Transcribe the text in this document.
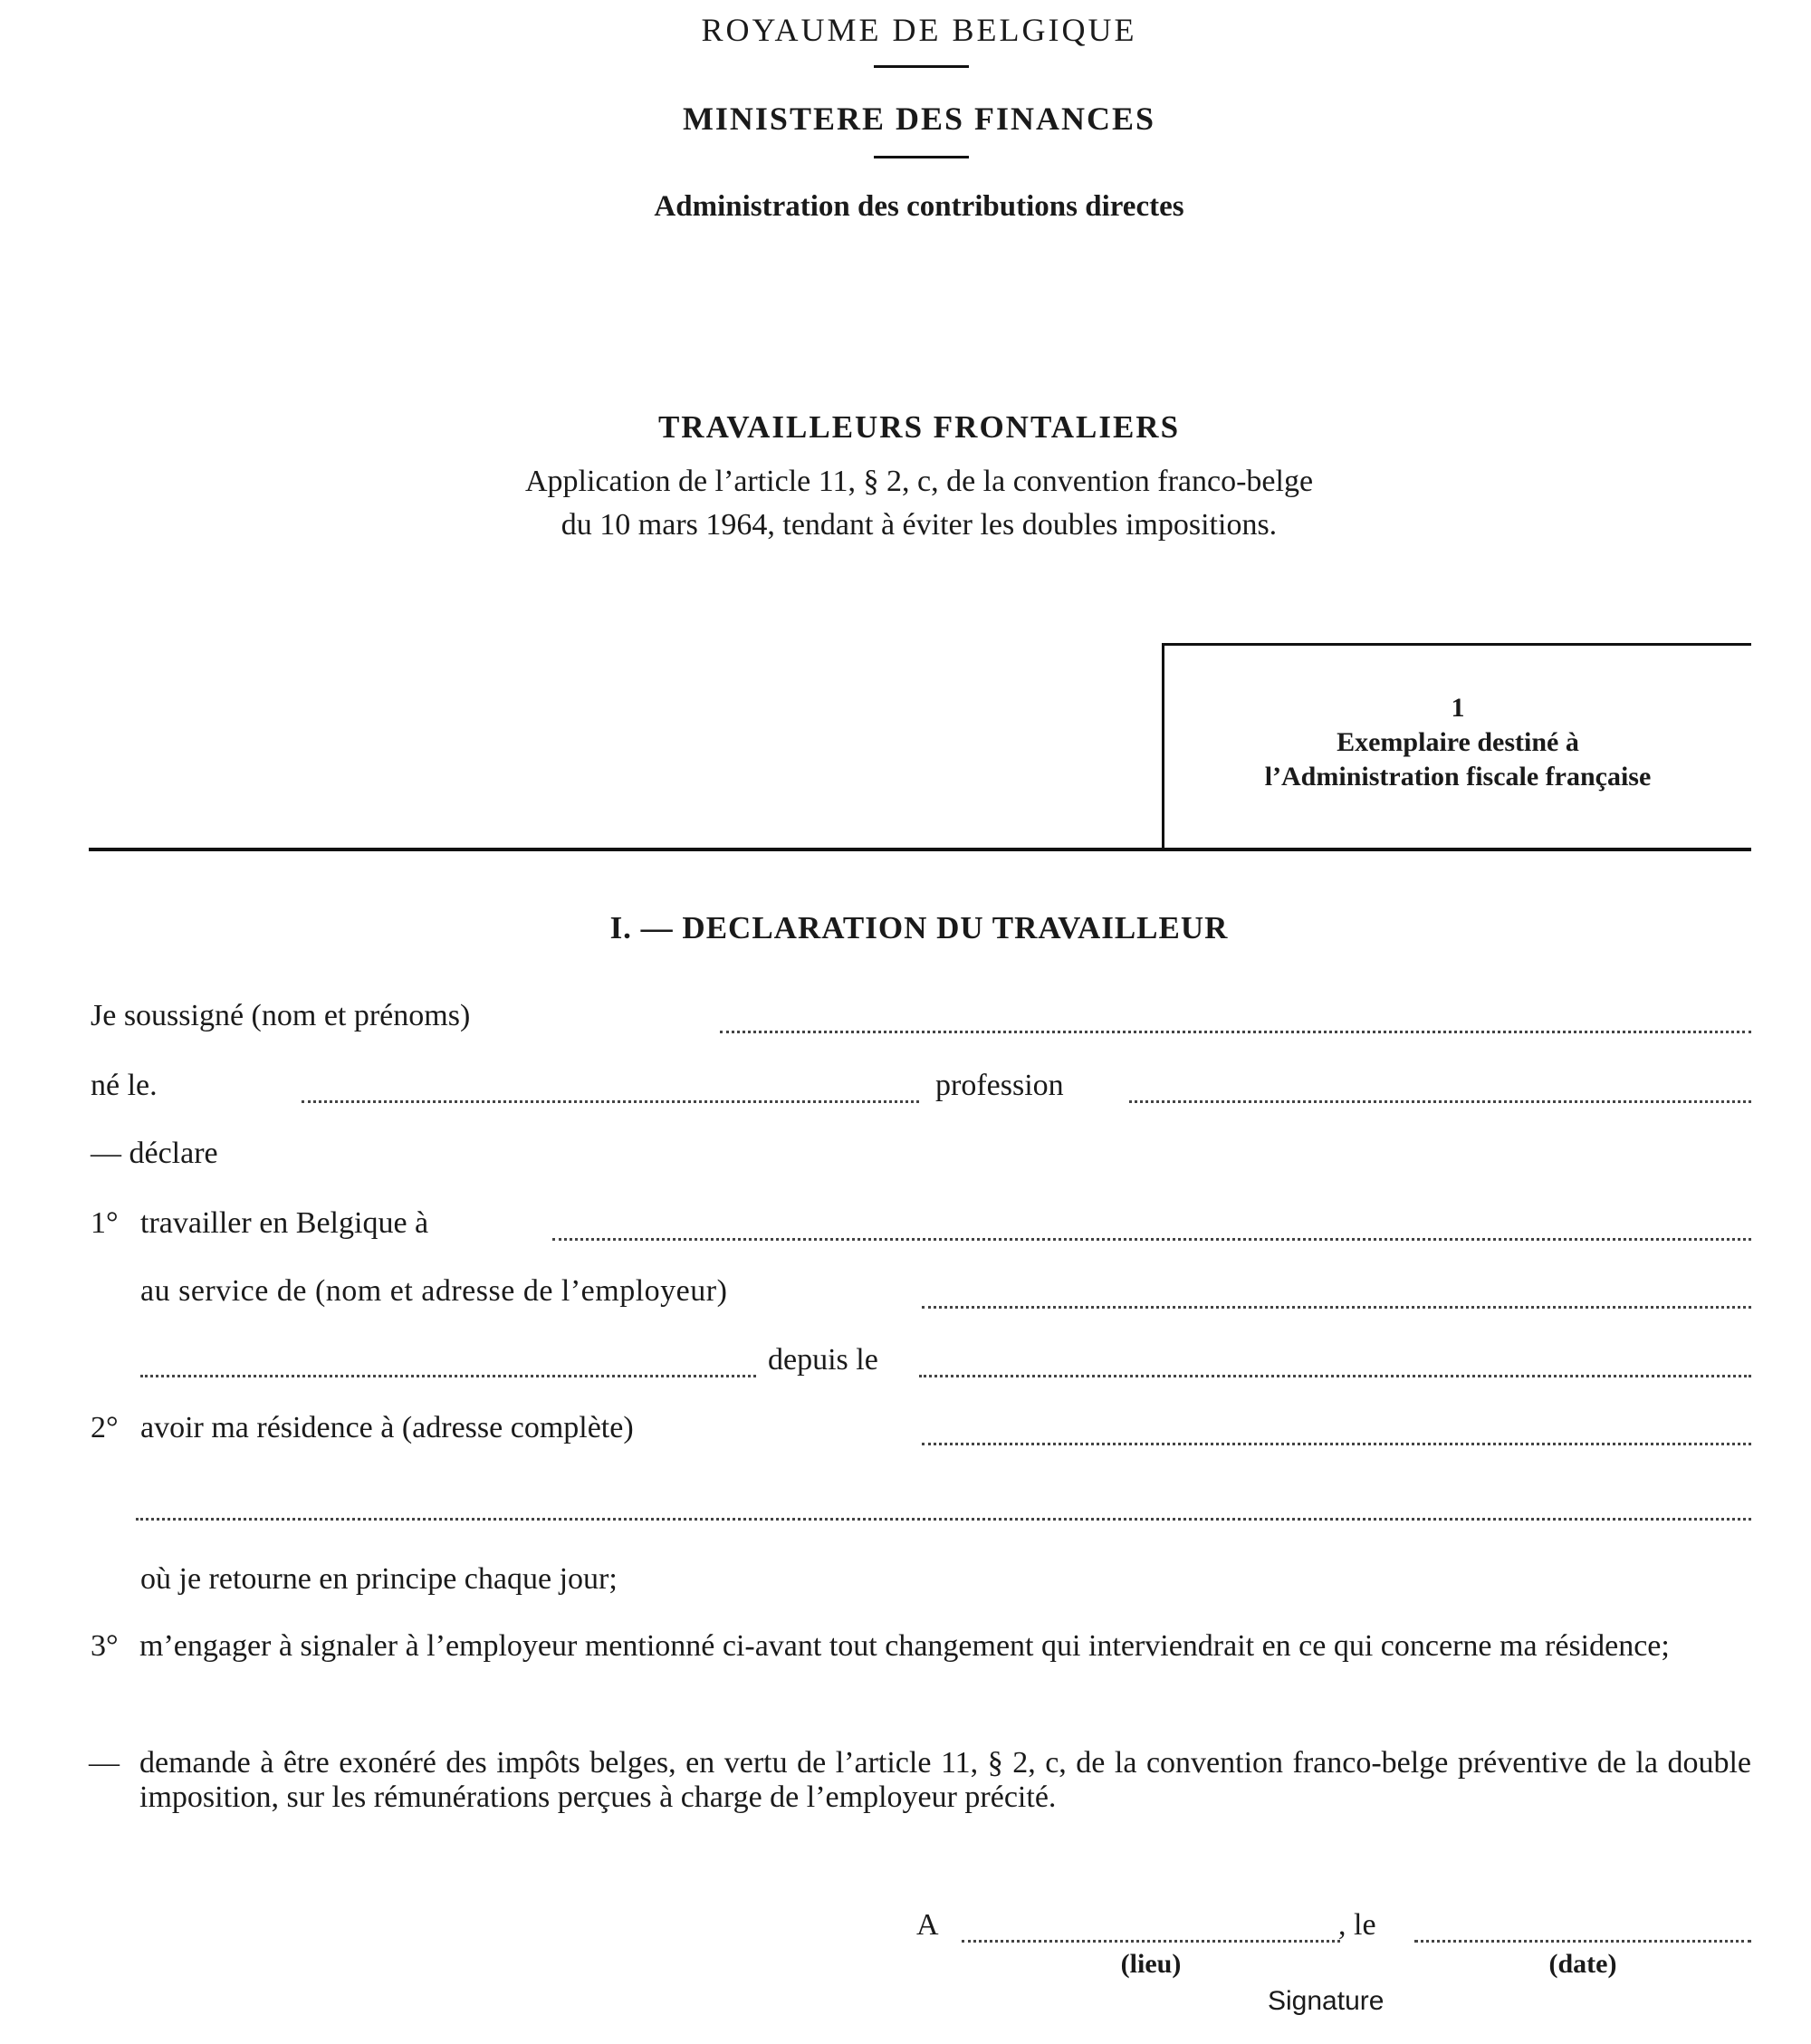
ROYAUME DE BELGIQUE
MINISTERE DES FINANCES
Administration des contributions directes
TRAVAILLEURS FRONTALIERS
Application de l’article 11, § 2, c, de la convention franco-belge
du 10 mars 1964, tendant à éviter les doubles impositions.
1
Exemplaire destiné à
l’Administration fiscale française
I. — DECLARATION DU TRAVAILLEUR
Je soussigné (nom et prénoms)
né le.	profession
— déclare
1° travailler en Belgique à
au service de (nom et adresse de l’employeur)
depuis le
2° avoir ma résidence à (adresse complète)
où je retourne en principe chaque jour;
3° m’engager à signaler à l’employeur mentionné ci-avant tout changement qui interviendrait en ce qui concerne ma résidence;
— demande à être exonéré des impôts belges, en vertu de l’article 11, § 2, c, de la convention franco-belge préventive de la double imposition, sur les rémunérations perçues à charge de l’employeur précité.
A	, le
(lieu)	(date)
Signature
